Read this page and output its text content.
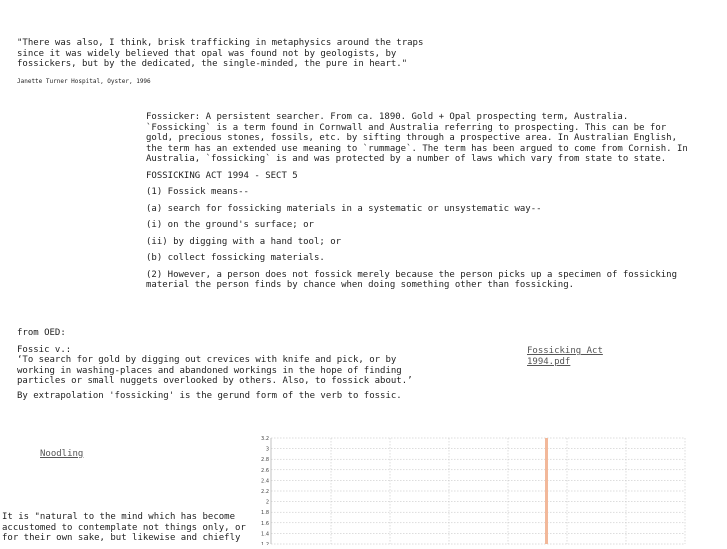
"There was also, I think, brisk trafficking in metaphysics around the traps
since it was widely believed that opal was found not by geologists, by
fossickers, but by the dedicated, the single-minded, the pure in heart."
Janette Turner Hospital, Oyster, 1996

Fossicker: A persistent searcher. From ca. 1890. Gold + Opal prospecting term, Australia. `Fossicking` is a term found in Cornwall and Australia referring to prospecting. This can be for gold, precious stones, fossils, etc. by sifting through a prospective area. In Australian English, the term has an extended use meaning to `rummage`. The term has been argued to come from Cornish. In Australia, `fossicking` is and was protected by a number of laws which vary from state to state.

FOSSICKING ACT 1994 - SECT 5

(1) Fossick means--

(a) search for fossicking materials in a systematic or unsystematic way--

(i) on the ground's surface; or

(ii) by digging with a hand tool; or

(b) collect fossicking materials.

(2) However, a person does not fossick merely because the person picks up a specimen of fossicking material the person finds by chance when doing something other than fossicking.

from OED:

Fossic v.:
‘To search for gold by digging out crevices with knife and pick, or by working in washing-places and abandoned workings in the hope of finding particles or small nuggets overlooked by others. Also, to fossick about.’

By extrapolation 'fossicking' is the gerund form of the verb to fossic.

Fossicking Act
1994.pdf
Noodling
It is "natural to the mind which has become accustomed to contemplate not things only, or for their own sake, but likewise and chiefly
3.2
3
2.8
2.6
2.4
2.2
2
1.8
1.6
1.4
1.2
